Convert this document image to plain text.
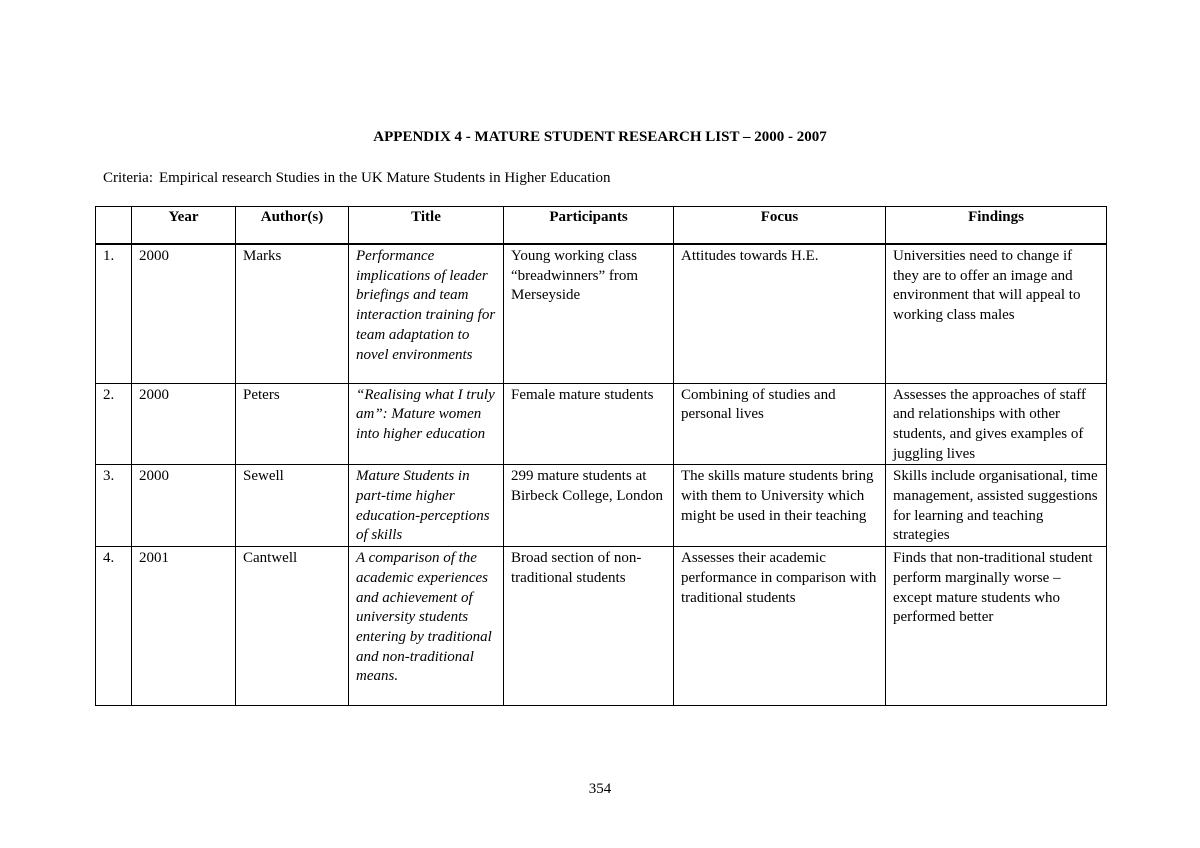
APPENDIX 4 - MATURE STUDENT RESEARCH LIST – 2000 - 2007
Criteria: Empirical research Studies in the UK Mature Students in Higher Education
	Year	Author(s)	Title	Participants	Focus	Findings
1.	2000	Marks	Performance implications of leader briefings and team interaction training for team adaptation to novel environments	Young working class “breadwinners” from Merseyside	Attitudes towards H.E.	Universities need to change if they are to offer an image and environment that will appeal to working class males
2.	2000	Peters	“Realising what I truly am”: Mature women into higher education	Female mature students	Combining of studies and personal lives	Assesses the approaches of staff and relationships with other students, and gives examples of juggling lives
3.	2000	Sewell	Mature Students in part-time higher education-perceptions of skills	299 mature students at Birbeck College, London	The skills mature students bring with them to University which might be used in their teaching	Skills include organisational, time management, assisted suggestions for learning and teaching strategies
4.	2001	Cantwell	A comparison of the academic experiences and achievement of university students entering by traditional and non-traditional means.	Broad section of non-traditional students	Assesses their academic performance in comparison with traditional students	Finds that non-traditional student perform marginally worse – except mature students who performed better
354
